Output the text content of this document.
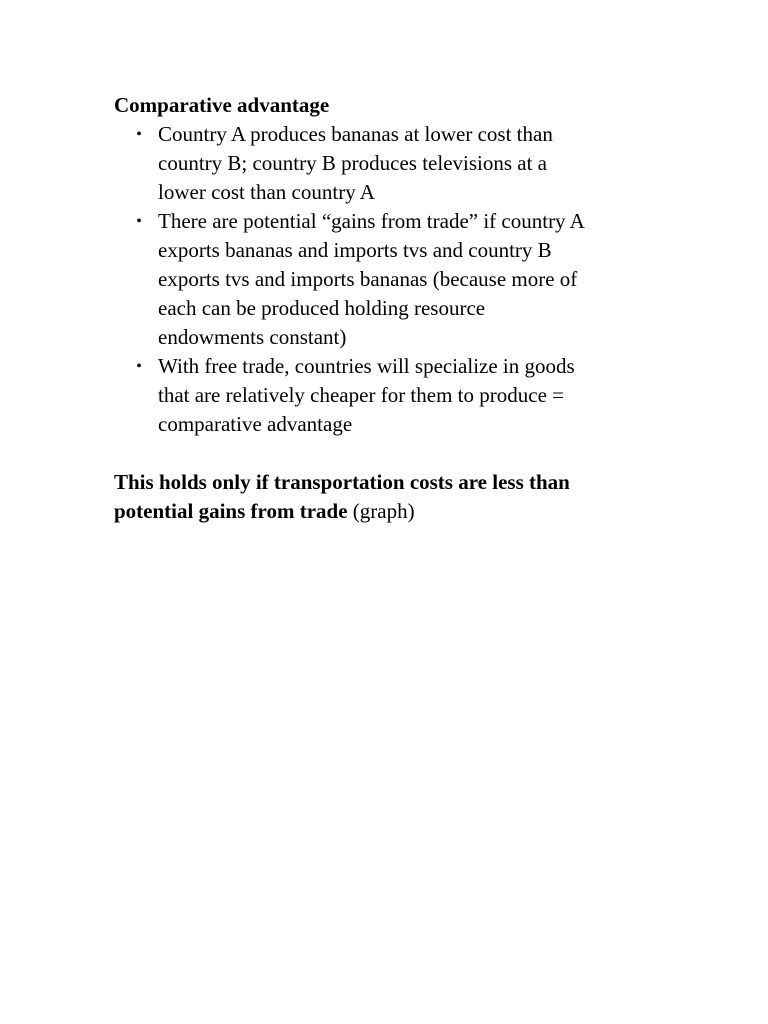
Comparative advantage

• Country A produces bananas at lower cost than
country B; country B produces televisions at a
lower cost than country A
• There are potential “gains from trade” if country A
exports bananas and imports tvs and country B
exports tvs and imports bananas (because more of
each can be produced holding resource
endowments constant)
• With free trade, countries will specialize in goods
that are relatively cheaper for them to produce =
comparative advantage
This holds only if transportation costs are less than
potential gains from trade (graph)
